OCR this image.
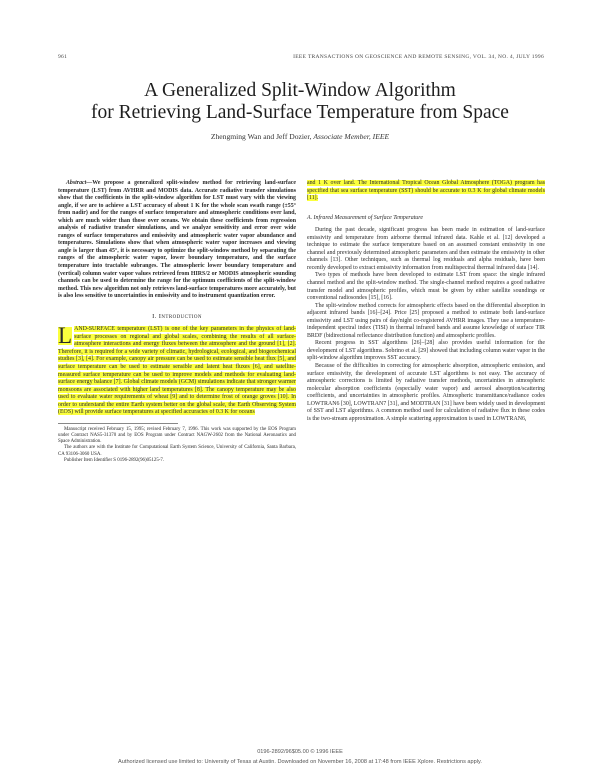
961	IEEE TRANSACTIONS ON GEOSCIENCE AND REMOTE SENSING, VOL. 34, NO. 4, JULY 1996
A Generalized Split-Window Algorithm
for Retrieving Land-Surface Temperature from Space
Zhengming Wan and Jeff Dozier, Associate Member, IEEE

Abstract—We propose a generalized split-window method for retrieving land-surface temperature (LST) from AVHRR and MODIS data. Accurate radiative transfer simulations show that the coefficients in the split-window algorithm for LST must vary with the viewing angle, if we are to achieve a LST accuracy of about 1 K for the whole scan swath range (±55° from nadir) and for the ranges of surface temperature and atmospheric conditions over land, which are much wider than those over oceans. We obtain these coefficients from regression analysis of radiative transfer simulations, and we analyze sensitivity and error over wide ranges of surface temperatures and emissivity and atmospheric water vapor abundance and temperatures. Simulations show that when atmospheric water vapor increases and viewing angle is larger than 45°, it is necessary to optimize the split-window method by separating the ranges of the atmospheric water vapor, lower boundary temperature, and the surface temperature into tractable subranges. The atmospheric lower boundary temperature and (vertical) column water vapor values retrieved from HIRS/2 or MODIS atmospheric sounding channels can be used to determine the range for the optimum coefficients of the split-window method. This new algorithm not only retrieves land-surface temperatures more accurately, but is also less sensitive to uncertainties in emissivity and to instrument quantization error.

I. Introduction
L AND-SURFACE temperature (LST) is one of the key parameters in the physics of land-surface processes on regional and global scales, combining the results of all surface-atmosphere interactions and energy fluxes between the atmosphere and the ground [1], [2]. Therefore, it is required for a wide variety of climatic, hydrological, ecological, and biogeochemical studies [3], [4]. For example, canopy air pressure can be used to estimate sensible heat flux [5], and surface temperature can be used to estimate sensible and latent heat fluxes [6], and satellite-measured surface temperature can be used to improve models and methods for evaluating land-surface energy balance [7]. Global climate models (GCM) simulations indicate that stronger warmer monsoons are associated with higher land temperatures [8]. The canopy temperature may be also used to evaluate water requirements of wheat [9] and to determine frost of orange groves [10]. In order to understand the entire Earth system better on the global scale, the Earth Observing System (EOS) will provide surface temperatures at specified accuracies of 0.3 K for oceans

Manuscript received February 15, 1995; revised February 7, 1996. This work was supported by the EOS Program under Contract NAS5-31370 and by EOS Program under Contract NAGW-2602 from the National Aeronautics and Space Administration.

The authors are with the Institute for Computational Earth System Science, University of California, Santa Barbara, CA 93106-3060 USA.

Publisher Item Identifier S 0196-2892(96)05125-7.

and 1 K over land. The International Tropical Ocean Global Atmosphere (TOGA) program has specified that sea surface temperature (SST) should be accurate to 0.3 K for global climate models [11].

A. Infrared Measurement of Surface Temperature

During the past decade, significant progress has been made in estimation of land-surface emissivity and temperature from airborne thermal infrared data. Kahle et al. [12] developed a technique to estimate the surface temperature based on an assumed constant emissivity in one channel and previously determined atmospheric parameters and then estimate the emissivity in other channels [13]. Other techniques, such as thermal log residuals and alpha residuals, have been recently developed to extract emissivity information from multispectral thermal infrared data [14].

Two types of methods have been developed to estimate LST from space: the single infrared channel method and the split-window method. The single-channel method requires a good radiative transfer model and atmospheric profiles, which must be given by either satellite soundings or conventional radiosondes [15], [16].

The split-window method corrects for atmospheric effects based on the differential absorption in adjacent infrared bands [16]–[24]. Price [25] proposed a method to estimate both land-surface emissivity and LST using pairs of day/night co-registered AVHRR images. They use a temperature-independent spectral index (TISI) in thermal infrared bands and assume knowledge of surface TIR BRDF (bidirectional reflectance distribution function) and atmospheric profiles.

Recent progress in SST algorithms [26]–[28] also provides useful information for the development of LST algorithms. Sobrino et al. [29] showed that including column water vapor in the split-window algorithm improves SST accuracy.

Because of the difficulties in correcting for atmospheric absorption, atmospheric emission, and surface emissivity, the development of accurate LST algorithms is not easy. The accuracy of atmospheric corrections is limited by radiative transfer methods, uncertainties in atmospheric molecular absorption coefficients (especially water vapor) and aerosol absorption/scattering coefficients, and uncertainties in atmospheric profiles. Atmospheric transmittance/radiance codes LOWTRAN6 [30], LOWTRAN7 [31], and MODTRAN [31] have been widely used in development of SST and LST algorithms. A common method used for calculation of radiative flux in these codes is the two-stream approximation. A simple scattering approximation is used in LOWTRAN6,

0196-2892/96$05.00 © 1996 IEEE
Authorized licensed use limited to: University of Texas at Austin. Downloaded on November 16, 2008 at 17:48 from IEEE Xplore. Restrictions apply.
